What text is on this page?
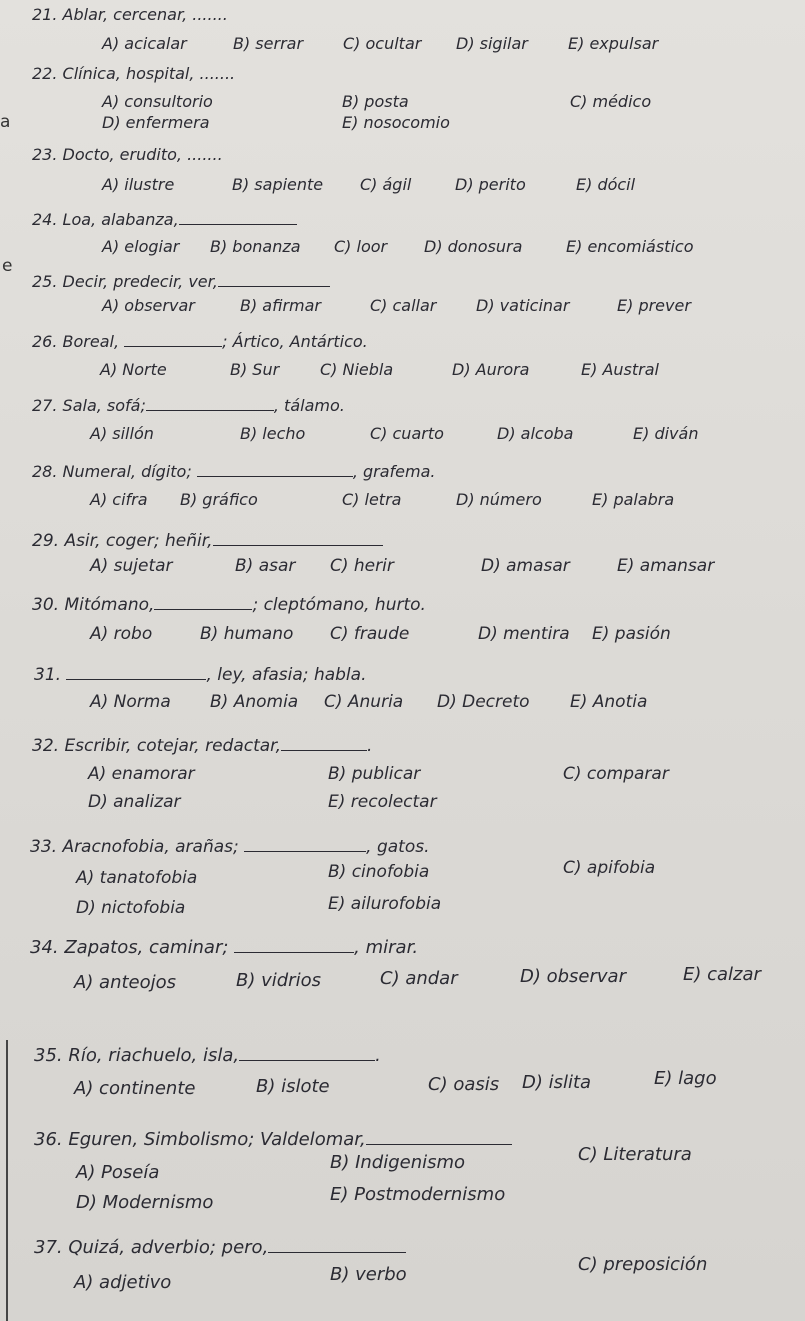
a
e
21. Ablar, cercenar, .......
A) acicalar	B) serrar C) ocultar D) sigilar	E) expulsar
22. Clínica, hospital, .......
A) consultorio	B) posta	C) médico
D) enfermera	E) nosocomio
23. Docto, erudito, .......
A) ilustre	B) sapiente C) ágil	D) perito	E) dócil
24. Loa, alabanza,
A) elogiar B) bonanza C) loor D) donosura	E) encomiástico
25. Decir, predecir, ver,
A) observar	B) afirmar	C) callar D) vaticinar	E) prever
26. Boreal,	; Ártico, Antártico.
A) Norte	B) Sur	C) Niebla	D) Aurora	E) Austral
27. Sala, sofá;	, tálamo.
A) sillón	B) lecho	C) cuarto	D) alcoba	E) diván
28. Numeral, dígito;	, grafema.
A) cifra B) gráfico	C) letra	D) número	E) palabra
29. Asir, coger; heñir,
A) sujetar	B) asar C) herir	D) amasar	E) amansar
30. Mitómano,	; cleptómano, hurto.
A) robo	B) humano C) fraude	D) mentira E) pasión
31.	, ley, afasia; habla.
A) Norma B) Anomia C) Anuria D) Decreto E) Anotia
32. Escribir, cotejar, redactar,	.
A) enamorar	B) publicar	C) comparar
D) analizar	E) recolectar
33. Aracnofobia, arañas;	, gatos.
A) tanatofobia	B) cinofobia	C) apifobia
D) nictofobia	E) ailurofobia
34. Zapatos, caminar;	, mirar.
A) anteojos	B) vidrios	C) andar	D) observar	E) calzar
35. Río, riachuelo, isla,	.
A) continente	B) islote	C) oasis D) islita	E) lago
36. Eguren, Simbolismo; Valdelomar,
A) Poseía	B) Indigenismo	C) Literatura
D) Modernismo	E) Postmodernismo
37. Quizá, adverbio; pero,
A) adjetivo	B) verbo	C) preposición
